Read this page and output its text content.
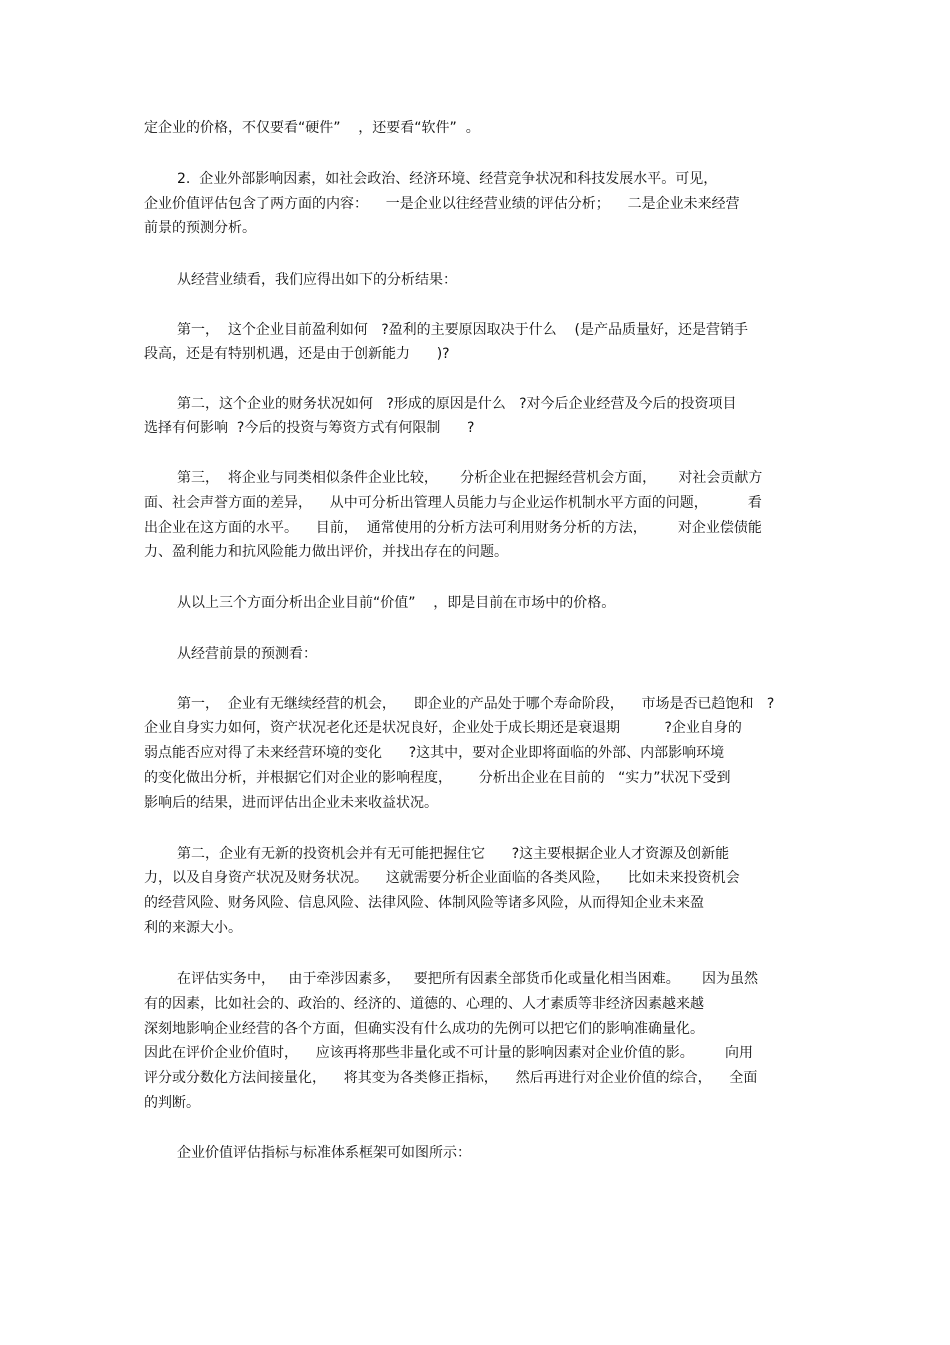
定企业的价格，不仅要看“硬件”    ，还要看“软件”  。
2.  企业外部影响因素，如社会政治、经济环境、经营竞争状况和科技发展水平。可见，
企业价值评估包含了两方面的内容：    一是企业以往经营业绩的评估分析；    二是企业未来经营
前景的预测分析。
从经营业绩看，我们应得出如下的分析结果：
第一，  这个企业目前盈利如何   ?盈利的主要原因取决于什么    (是产品质量好，还是营销手
段高，还是有特别机遇，还是由于创新能力      )?
第二，这个企业的财务状况如何   ?形成的原因是什么   ?对今后企业经营及今后的投资项目
选择有何影响  ?今后的投资与筹资方式有何限制      ?
第三，  将企业与同类相似条件企业比较，     分析企业在把握经营机会方面，     对社会贡献方
面、社会声誉方面的差异，    从中可分析出管理人员能力与企业运作机制水平方面的问题，         看
出企业在这方面的水平。    目前，  通常使用的分析方法可利用财务分析的方法，       对企业偿债能
力、盈利能力和抗风险能力做出评价，并找出存在的问题。
从以上三个方面分析出企业目前“价值”    ，即是目前在市场中的价格。
从经营前景的预测看：
第一，  企业有无继续经营的机会，    即企业的产品处于哪个寿命阶段，    市场是否已趋饱和   ?
企业自身实力如何，资产状况老化还是状况良好，企业处于成长期还是衰退期          ?企业自身的
弱点能否应对得了未来经营环境的变化      ?这其中，要对企业即将面临的外部、内部影响环境
的变化做出分析，并根据它们对企业的影响程度，      分析出企业在目前的   “实力”状况下受到
影响后的结果，进而评估出企业未来收益状况。
第二，企业有无新的投资机会并有无可能把握住它      ?这主要根据企业人才资源及创新能
力，以及自身资产状况及财务状况。    这就需要分析企业面临的各类风险，    比如未来投资机会
的经营风险、财务风险、信息风险、法律风险、体制风险等诸多风险，从而得知企业未来盈
利的来源大小。
在评估实务中，   由于牵涉因素多，   要把所有因素全部货币化或量化相当困难。     因为虽然
有的因素，比如社会的、政治的、经济的、道德的、心理的、人才素质等非经济因素越来越
深刻地影响企业经营的各个方面，但确实没有什么成功的先例可以把它们的影响准确量化。
因此在评价企业价值时，    应该再将那些非量化或不可计量的影响因素对企业价值的影。       向用
评分或分数化方法间接量化，    将其变为各类修正指标，    然后再进行对企业价值的综合，    全面
的判断。
企业价值评估指标与标准体系框架可如图所示：
